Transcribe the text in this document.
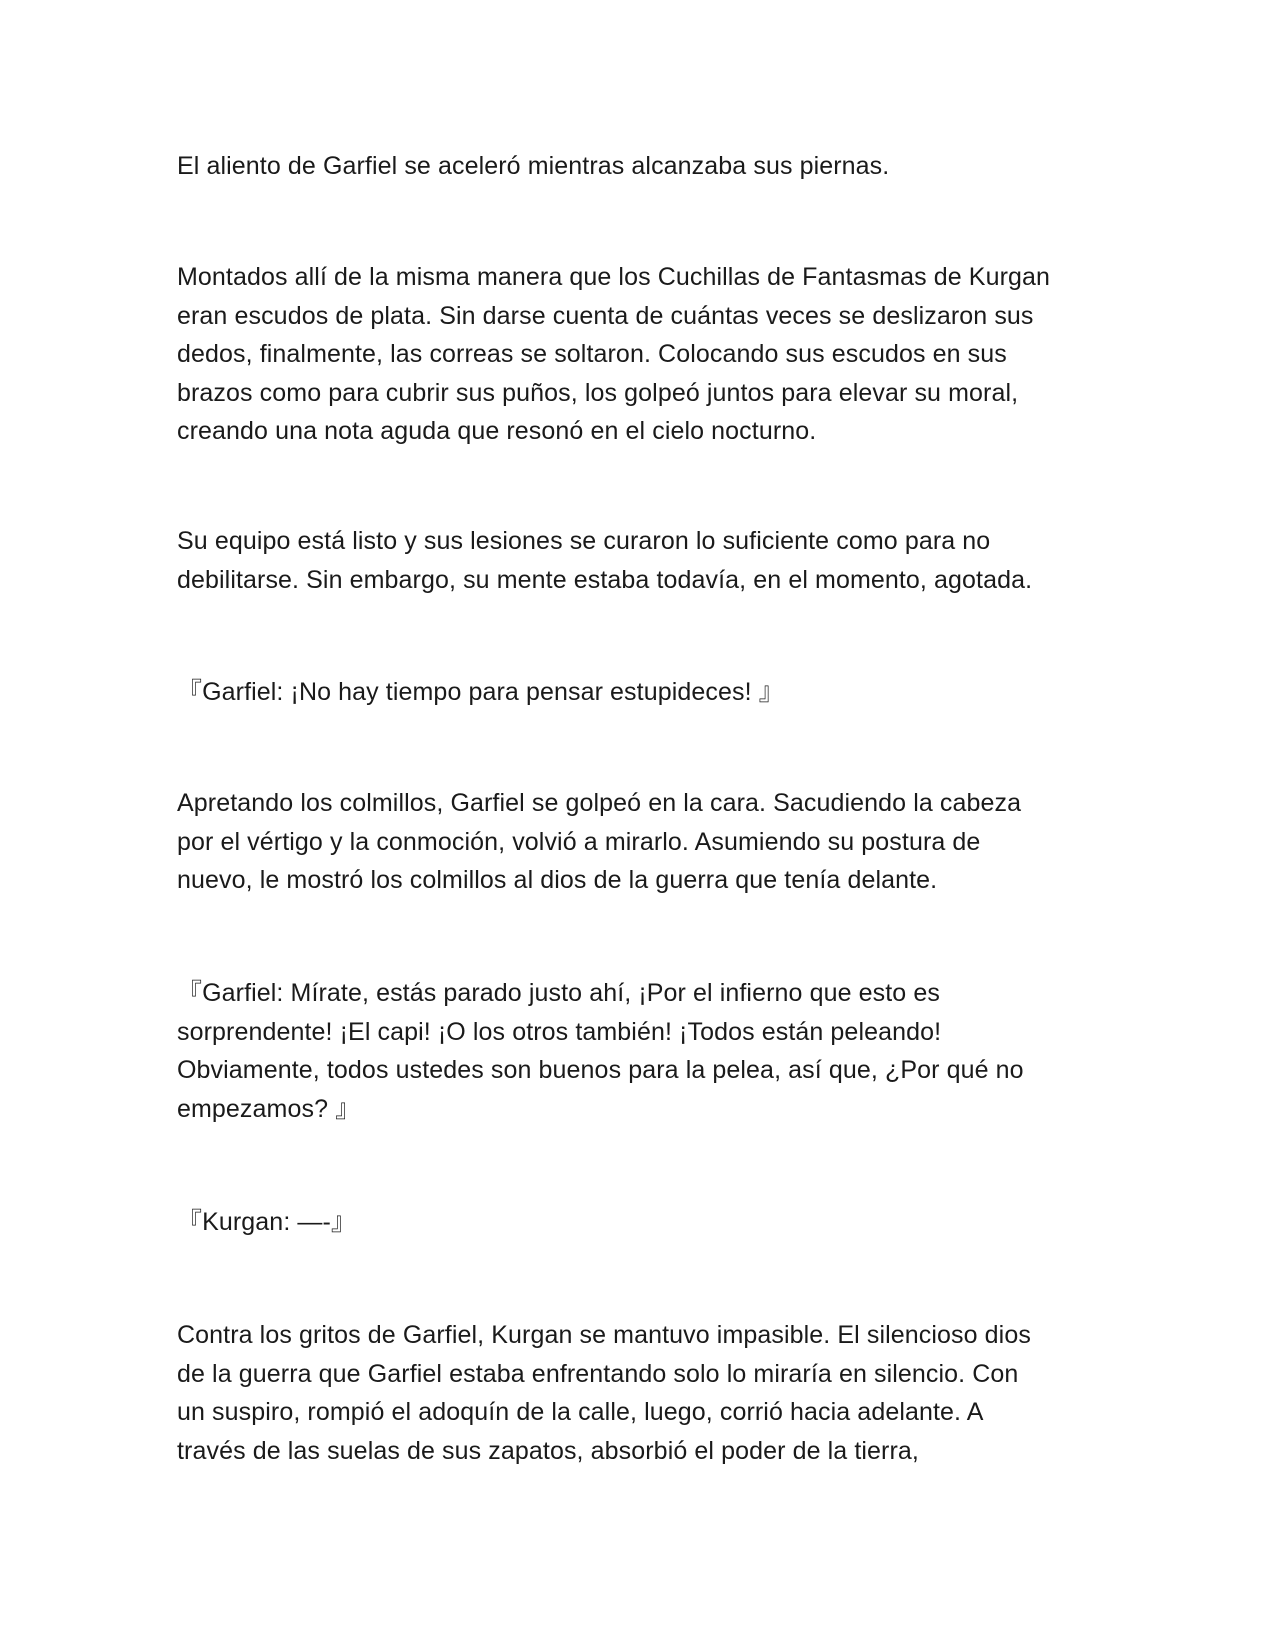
El aliento de Garfiel se aceleró mientras alcanzaba sus piernas.

Montados allí de la misma manera que los Cuchillas de Fantasmas de Kurgan
eran escudos de plata. Sin darse cuenta de cuántas veces se deslizaron sus
dedos, finalmente, las correas se soltaron. Colocando sus escudos en sus
brazos como para cubrir sus puños, los golpeó juntos para elevar su moral,
creando una nota aguda que resonó en el cielo nocturno.

Su equipo está listo y sus lesiones se curaron lo suficiente como para no
debilitarse. Sin embargo, su mente estaba todavía, en el momento, agotada.

『Garfiel: ¡No hay tiempo para pensar estupideces! 』

Apretando los colmillos, Garfiel se golpeó en la cara. Sacudiendo la cabeza
por el vértigo y la conmoción, volvió a mirarlo. Asumiendo su postura de
nuevo, le mostró los colmillos al dios de la guerra que tenía delante.

『Garfiel: Mírate, estás parado justo ahí, ¡Por el infierno que esto es
sorprendente! ¡El capi! ¡O los otros también! ¡Todos están peleando!
Obviamente, todos ustedes son buenos para la pelea, así que, ¿Por qué no
empezamos? 』

『Kurgan: —-』

Contra los gritos de Garfiel, Kurgan se mantuvo impasible. El silencioso dios
de la guerra que Garfiel estaba enfrentando solo lo miraría en silencio. Con
un suspiro, rompió el adoquín de la calle, luego, corrió hacia adelante. A
través de las suelas de sus zapatos, absorbió el poder de la tierra,
